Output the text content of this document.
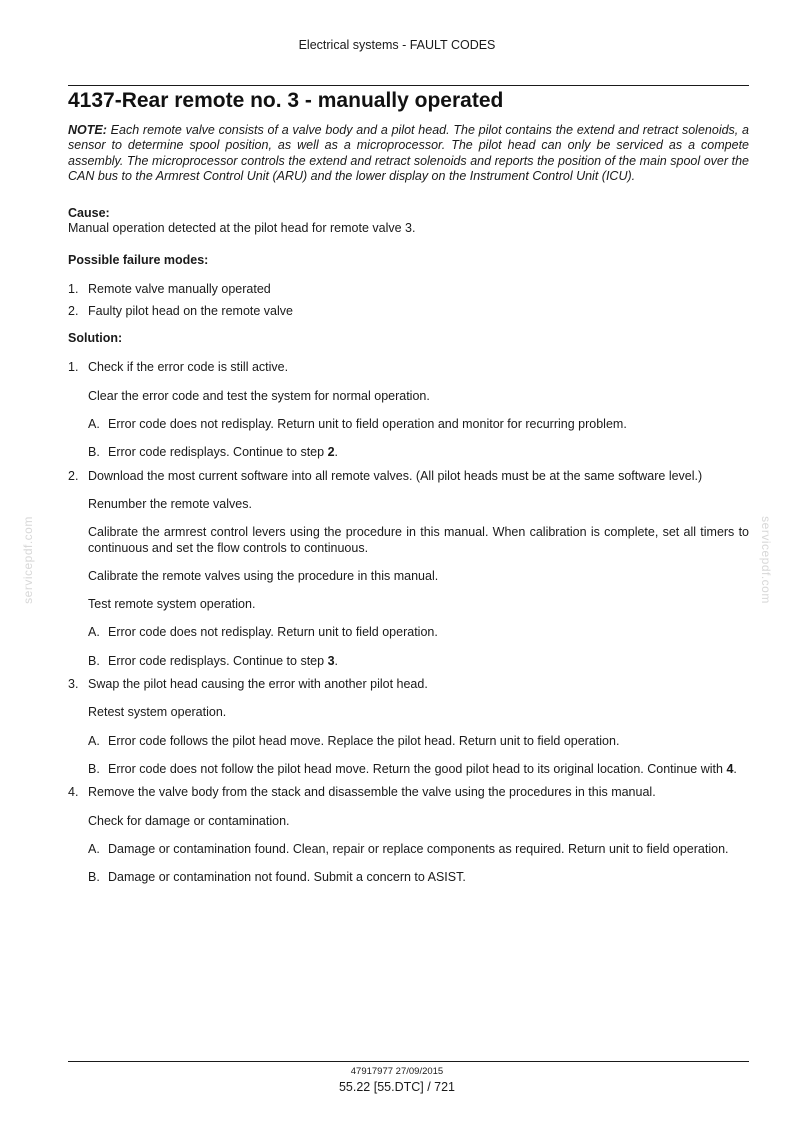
Electrical systems - FAULT CODES
4137-Rear remote no. 3 - manually operated

NOTE: Each remote valve consists of a valve body and a pilot head. The pilot contains the extend and retract solenoids, a sensor to determine spool position, as well as a microprocessor. The pilot head can only be serviced as a compete assembly. The microprocessor controls the extend and retract solenoids and reports the position of the main spool over the CAN bus to the Armrest Control Unit (ARU) and the lower display on the Instrument Control Unit (ICU).

Cause:
Manual operation detected at the pilot head for remote valve 3.
Possible failure modes:
1. Remote valve manually operated
2. Faulty pilot head on the remote valve
Solution:
1. Check if the error code is still active.
Clear the error code and test the system for normal operation.
A. Error code does not redisplay. Return unit to field operation and monitor for recurring problem.
B. Error code redisplays. Continue to step 2.
2. Download the most current software into all remote valves. (All pilot heads must be at the same software level.)
Renumber the remote valves.
Calibrate the armrest control levers using the procedure in this manual. When calibration is complete, set all timers to continuous and set the flow controls to continuous.
Calibrate the remote valves using the procedure in this manual.
Test remote system operation.
A. Error code does not redisplay. Return unit to field operation.
B. Error code redisplays. Continue to step 3.
3. Swap the pilot head causing the error with another pilot head.
Retest system operation.
A. Error code follows the pilot head move. Replace the pilot head. Return unit to field operation.
B. Error code does not follow the pilot head move. Return the good pilot head to its original location. Continue with 4.
4. Remove the valve body from the stack and disassemble the valve using the procedures in this manual.
Check for damage or contamination.
A. Damage or contamination found. Clean, repair or replace components as required. Return unit to field operation.
B. Damage or contamination not found. Submit a concern to ASIST.
servicepdf.com	servicepdf.com
47917977 27/09/2015
55.22 [55.DTC] / 721
